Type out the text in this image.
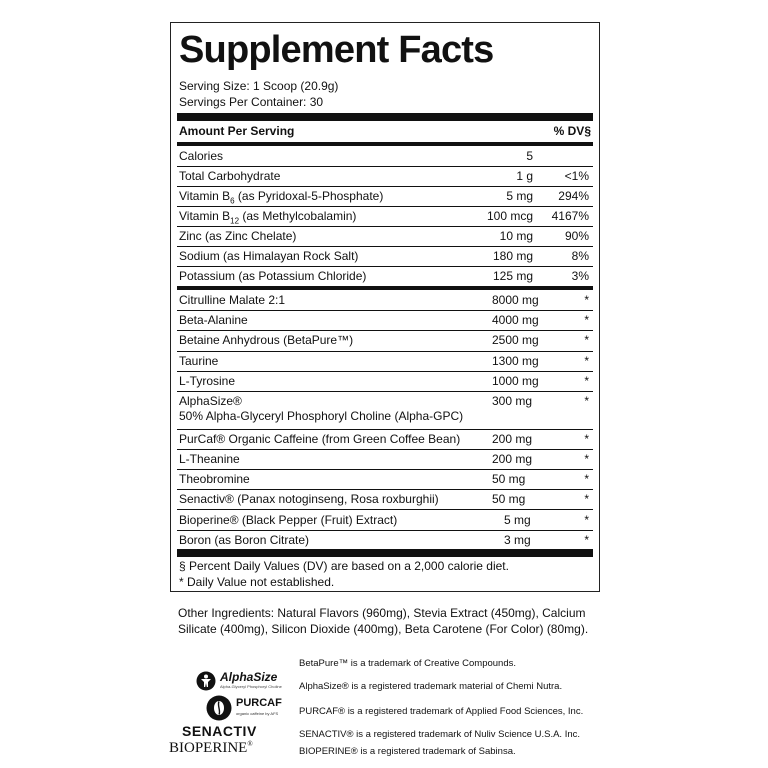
Supplement Facts
Serving Size: 1 Scoop (20.9g)
Servings Per Container: 30
Amount Per Serving	% DV§
Calories	5
Total Carbohydrate	1 g	<1%
Vitamin $B_6$ (as Pyridoxal-5-Phosphate)	5 mg 294%
Vitamin $B_{12}$ (as Methylcobalamin)	100 mcg 4167%
Zinc (as Zinc Chelate)	10 mg	90%
Sodium (as Himalayan Rock Salt)	180 mg	8%
Potassium (as Potassium Chloride)	125 mg	3%
Citrulline Malate 2:1	8000 mg	*
Beta-Alanine	4000 mg	*
Betaine Anhydrous (BetaPure™)	2500 mg	*
Taurine	1300 mg	*
L-Tyrosine	1000 mg	*
AlphaSize®
50% Alpha-Glyceryl Phosphoryl Choline (Alpha-GPC)
300 mg	*
PurCaf® Organic Caffeine (from Green Coffee Bean)	200 mg	*
L-Theanine	200 mg	*
Theobromine	50 mg	*
Senactiv® (Panax notoginseng, Rosa roxburghii)	50 mg	*
Bioperine® (Black Pepper (Fruit) Extract)	5 mg	*
Boron (as Boron Citrate)	3 mg	*
§ Percent Daily Values (DV) are based on a 2,000 calorie diet.
* Daily Value not established.
Other Ingredients: Natural Flavors (960mg), Stevia Extract (450mg), Calcium Silicate (400mg), Silicon Dioxide (400mg), Beta Carotene (For Color) (80mg).
BetaPure™ is a trademark of Creative Compounds.
AlphaSize® is a registered trademark material of Chemi Nutra.
PURCAF® is a registered trademark of Applied Food Sciences, Inc.
SENACTIV® is a registered trademark of Nuliv Science U.S.A. Inc.
BIOPERINE® is a registered trademark of Sabinsa.
AlphaSize
Alpha-Glyceryl Phosphoryl Choline
PURCAF
organic caffeine by AFS
SENACTIV
BIOPERINE®
